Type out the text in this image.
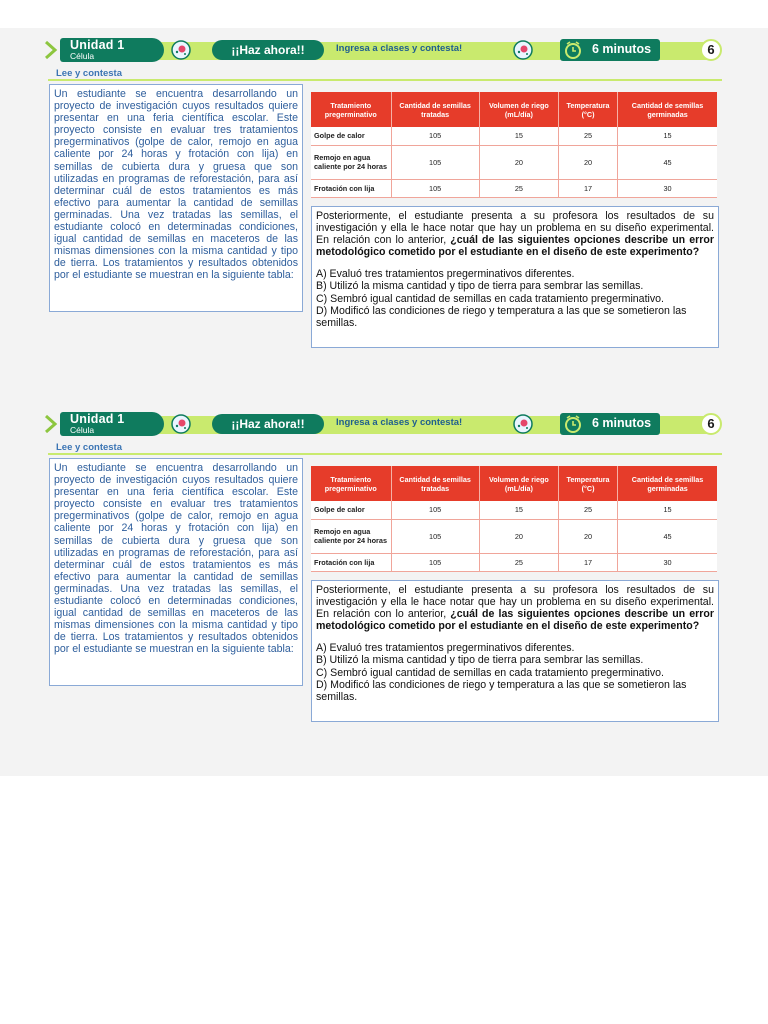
Unidad 1
Célula	¡¡Haz ahora!!	Ingresa a clases y contesta!	6 minutos	6
Lee y contesta

Un estudiante se encuentra desarrollando un proyecto de investigación cuyos resultados quiere presentar en una feria científica escolar. Este proyecto consiste en evaluar tres tratamientos pregerminativos (golpe de calor, remojo en agua caliente por 24 horas y frotación con lija) en semillas de cubierta dura y gruesa que son utilizadas en programas de reforestación, para así determinar cuál de estos tratamientos es más efectivo para aumentar la cantidad de semillas germinadas. Una vez tratadas las semillas, el estudiante colocó en determinadas condiciones, igual cantidad de semillas en maceteros de las mismas dimensiones con la misma cantidad y tipo de tierra. Los tratamientos y resultados obtenidos por el estudiante se muestran en la siguiente tabla:

Tratamiento pregerminativo	Cantidad de semillas tratadas	Volumen de riego (mL/día)	Temperatura (°C)	Cantidad de semillas germinadas
Golpe de calor	105	15	25	15
Remojo en agua caliente por 24 horas	105	20	20	45
Frotación con lija	105	25	17	30

Posteriormente, el estudiante presenta a su profesora los resultados de su investigación y ella le hace notar que hay un problema en su diseño experimental. En relación con lo anterior, ¿cuál de las siguientes opciones describe un error metodológico cometido por el estudiante en el diseño de este experimento?

A) Evaluó tres tratamientos pregerminativos diferentes.

B) Utilizó la misma cantidad y tipo de tierra para sembrar las semillas.

C) Sembró igual cantidad de semillas en cada tratamiento pregerminativo.

D) Modificó las condiciones de riego y temperatura a las que se sometieron las semillas.

Unidad 1
Célula	¡¡Haz ahora!!	Ingresa a clases y contesta!	6 minutos	6
Lee y contesta

Un estudiante se encuentra desarrollando un proyecto de investigación cuyos resultados quiere presentar en una feria científica escolar. Este proyecto consiste en evaluar tres tratamientos pregerminativos (golpe de calor, remojo en agua caliente por 24 horas y frotación con lija) en semillas de cubierta dura y gruesa que son utilizadas en programas de reforestación, para así determinar cuál de estos tratamientos es más efectivo para aumentar la cantidad de semillas germinadas. Una vez tratadas las semillas, el estudiante colocó en determinadas condiciones, igual cantidad de semillas en maceteros de las mismas dimensiones con la misma cantidad y tipo de tierra. Los tratamientos y resultados obtenidos por el estudiante se muestran en la siguiente tabla:

Tratamiento pregerminativo	Cantidad de semillas tratadas	Volumen de riego (mL/día)	Temperatura (°C)	Cantidad de semillas germinadas
Golpe de calor	105	15	25	15
Remojo en agua caliente por 24 horas	105	20	20	45
Frotación con lija	105	25	17	30

Posteriormente, el estudiante presenta a su profesora los resultados de su investigación y ella le hace notar que hay un problema en su diseño experimental. En relación con lo anterior, ¿cuál de las siguientes opciones describe un error metodológico cometido por el estudiante en el diseño de este experimento?

A) Evaluó tres tratamientos pregerminativos diferentes.

B) Utilizó la misma cantidad y tipo de tierra para sembrar las semillas.

C) Sembró igual cantidad de semillas en cada tratamiento pregerminativo.

D) Modificó las condiciones de riego y temperatura a las que se sometieron las semillas.
